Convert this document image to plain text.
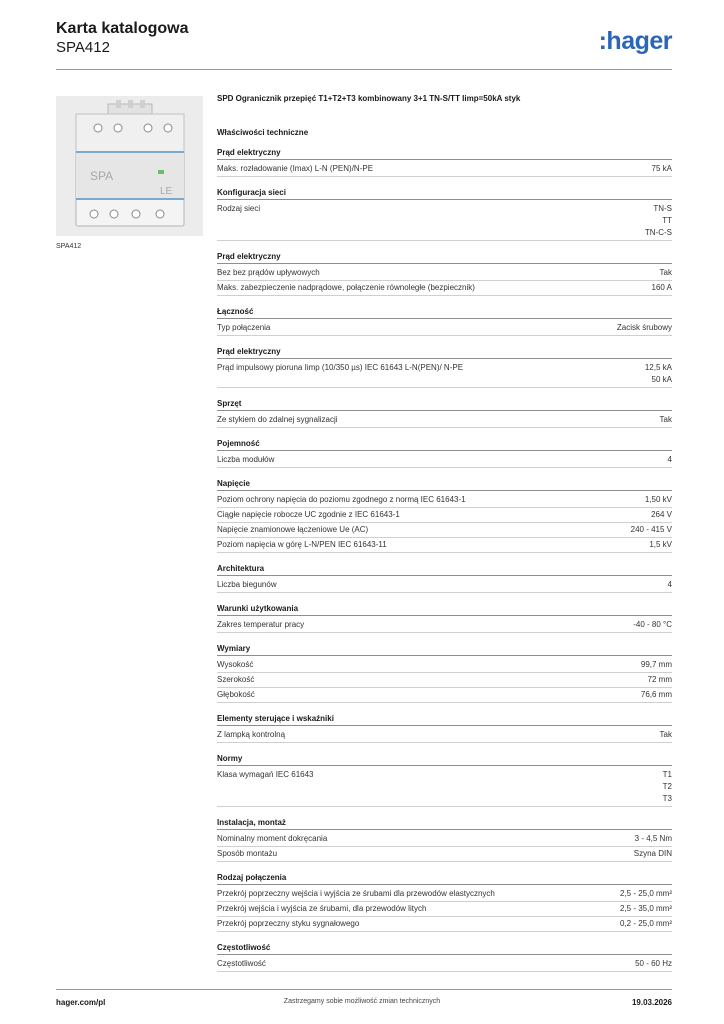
Karta katalogowa
SPA412	:hager
SPA
LE
SPA412
SPD Ogranicznik przepięć T1+T2+T3 kombinowany 3+1 TN-S/TT Iimp=50kA styk
Właściwości techniczne
Prąd elektryczny
Maks. rozładowanie (Imax) L-N (PEN)/N-PE	75 kA
Konfiguracja sieci
Rodzaj sieci	TN-S
TT
TN-C-S
Prąd elektryczny
Bez bez prądów upływowych	Tak
Maks. zabezpieczenie nadprądowe, połączenie równoległe (bezpiecznik)	160 A
Łączność
Typ połączenia	Zacisk śrubowy
Prąd elektryczny
Prąd impulsowy pioruna Iimp (10/350 µs) IEC 61643 L-N(PEN)/ N-PE	12,5 kA
50 kA
Sprzęt
Ze stykiem do zdalnej sygnalizacji	Tak
Pojemność
Liczba modułów	4
Napięcie
Poziom ochrony napięcia do poziomu zgodnego z normą IEC 61643-1	1,50 kV
Ciągłe napięcie robocze UC zgodnie z IEC 61643-1	264 V
Napięcie znamionowe łączeniowe Ue (AC)	240 - 415 V
Poziom napięcia w górę L-N/PEN IEC 61643-11	1,5 kV
Architektura
Liczba biegunów	4
Warunki użytkowania
Zakres temperatur pracy	-40 - 80 °C
Wymiary
Wysokość	99,7 mm
Szerokość	72 mm
Głębokość	76,6 mm
Elementy sterujące i wskaźniki
Z lampką kontrolną	Tak
Normy
Klasa wymagań IEC 61643	T1
T2
T3
Instalacja, montaż
Nominalny moment dokręcania	3 - 4,5 Nm
Sposób montażu	Szyna DIN
Rodzaj połączenia
Przekrój poprzeczny wejścia i wyjścia ze śrubami dla przewodów elastycznych	2,5 - 25,0 mm²
Przekrój wejścia i wyjścia ze śrubami, dla przewodów litych	2,5 - 35,0 mm²
Przekrój poprzeczny styku sygnałowego	0,2 - 25,0 mm²
Częstotliwość
Częstotliwość	50 - 60 Hz
hager.com/pl	Zastrzegamy sobie możliwość zmian technicznych	19.03.2026
